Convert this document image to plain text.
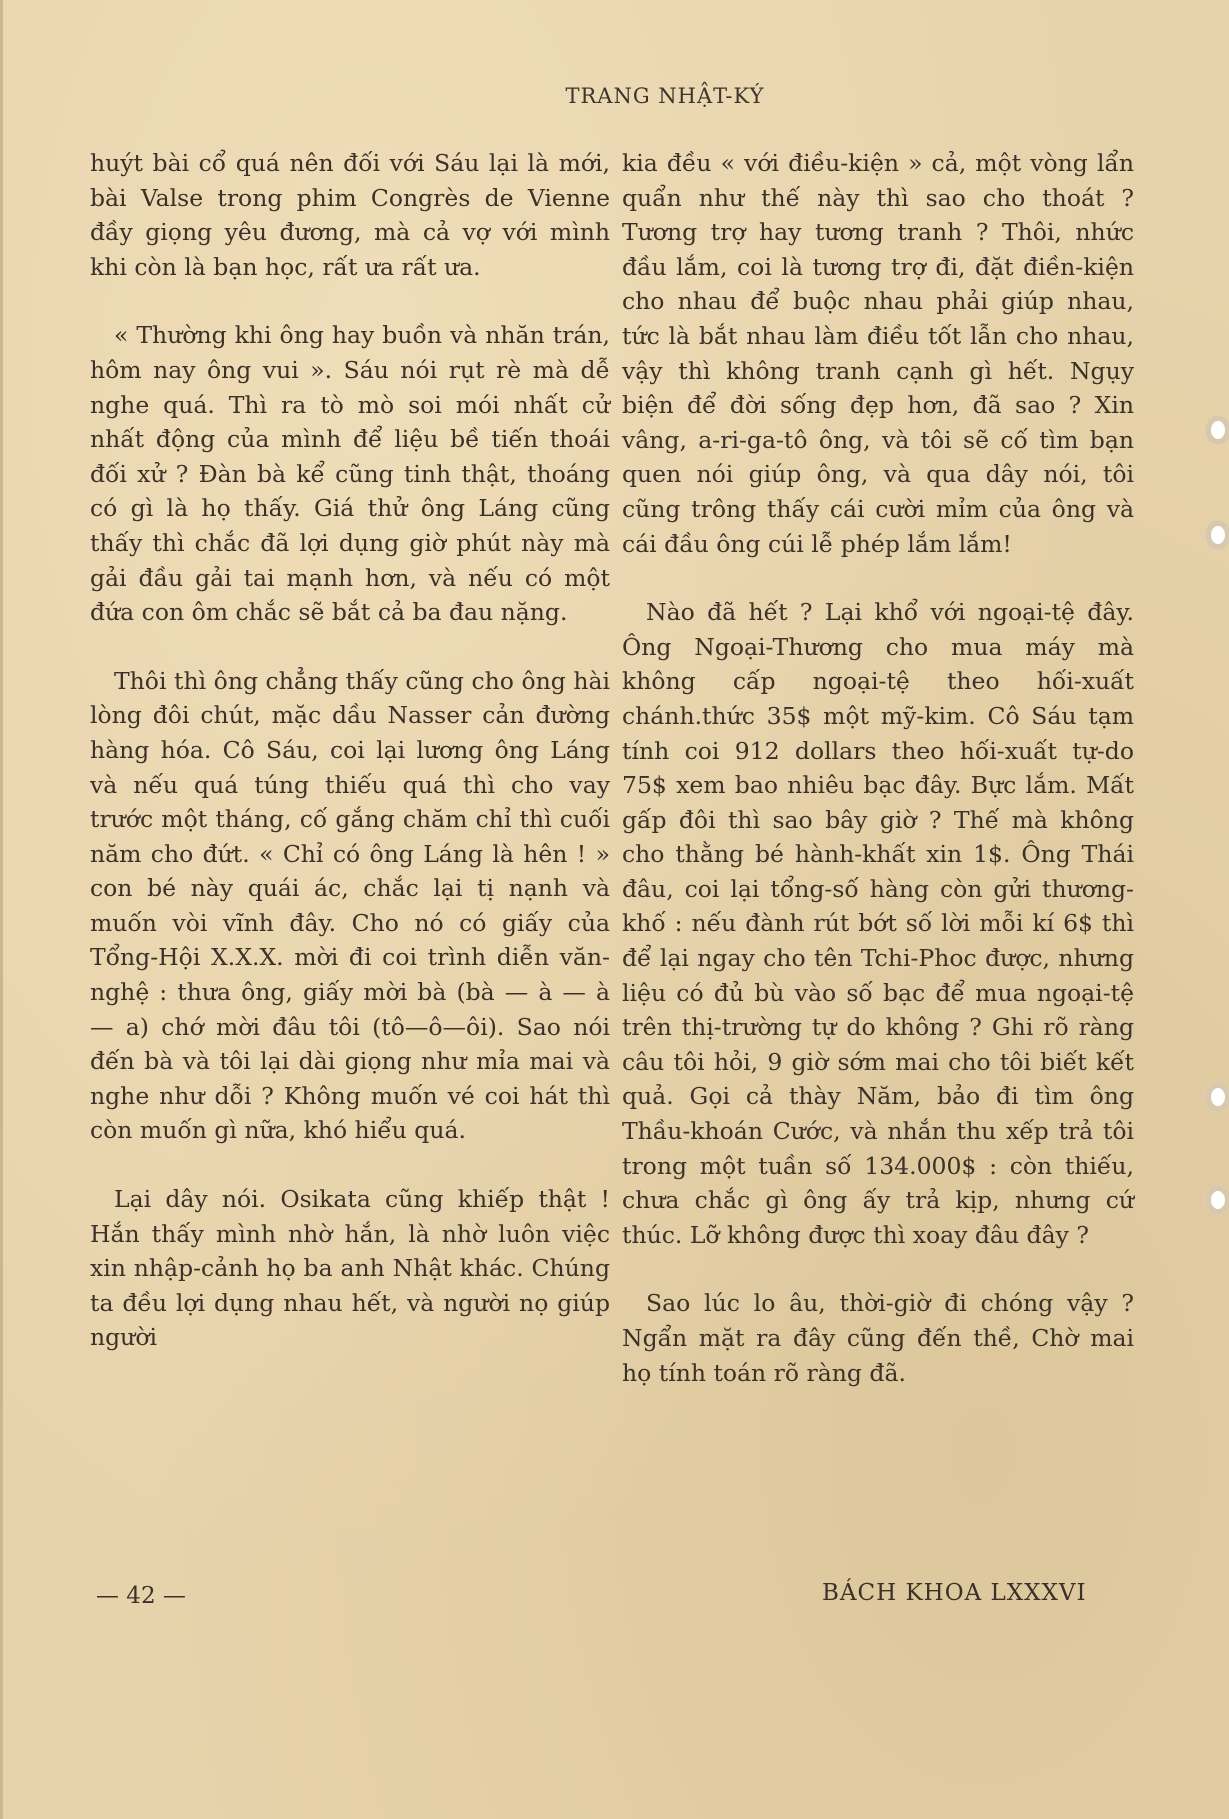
TRANG NHẬT-KÝ

huýt bài cổ quá nên đối với Sáu lại là mới, bài Valse trong phim Congrès de Vienne đầy giọng yêu đương, mà cả vợ với mình khi còn là bạn học, rất ưa rất ưa.

« Thường khi ông hay buồn và nhăn trán, hôm nay ông vui ». Sáu nói rụt rè mà dễ nghe quá. Thì ra tò mò soi mói nhất cử nhất động của mình để liệu bề tiến thoái đối xử ? Đàn bà kể cũng tinh thật, thoáng có gì là họ thấy. Giá thử ông Láng cũng thấy thì chắc đã lợi dụng giờ phút này mà gải đầu gải tai mạnh hơn, và nếu có một đứa con ôm chắc sẽ bắt cả ba đau nặng.

Thôi thì ông chẳng thấy cũng cho ông hài lòng đôi chút, mặc dầu Nasser cản đường hàng hóa. Cô Sáu, coi lại lương ông Láng và nếu quá túng thiếu quá thì cho vay trước một tháng, cố gắng chăm chỉ thì cuối năm cho đứt. « Chỉ có ông Láng là hên ! » con bé này quái ác, chắc lại tị nạnh và muốn vòi vĩnh đây. Cho nó có giấy của Tổng-Hội X.X.X. mời đi coi trình diễn văn-nghệ : thưa ông, giấy mời bà (bà — à — à — a) chớ mời đâu tôi (tô—ô—ôi). Sao nói đến bà và tôi lại dài giọng như mỉa mai và nghe như dỗi ? Không muốn vé coi hát thì còn muốn gì nữa, khó hiểu quá.

Lại dây nói. Osikata cũng khiếp thật ! Hắn thấy mình nhờ hắn, là nhờ luôn việc xin nhập-cảnh họ ba anh Nhật khác. Chúng ta đều lợi dụng nhau hết, và người nọ giúp người

kia đều « với điều-kiện » cả, một vòng lẩn quẩn như thế này thì sao cho thoát ? Tương trợ hay tương tranh ? Thôi, nhức đầu lắm, coi là tương trợ đi, đặt điền-kiện cho nhau để buộc nhau phải giúp nhau, tức là bắt nhau làm điều tốt lẫn cho nhau, vậy thì không tranh cạnh gì hết. Ngụy biện để đời sống đẹp hơn, đã sao ? Xin vâng, a-ri-ga-tô ông, và tôi sẽ cố tìm bạn quen nói giúp ông, và qua dây nói, tôi cũng trông thấy cái cười mỉm của ông và cái đầu ông cúi lễ phép lắm lắm!

Nào đã hết ? Lại khổ với ngoại-tệ đây. Ông Ngoại-Thương cho mua máy mà không cấp ngoại-tệ theo hối-xuất chánh.thức 35$ một mỹ-kim. Cô Sáu tạm tính coi 912 dollars theo hối-xuất tự-do 75$ xem bao nhiêu bạc đây. Bực lắm. Mất gấp đôi thì sao bây giờ ? Thế mà không cho thằng bé hành-khất xin 1$. Ông Thái đâu, coi lại tổng-số hàng còn gửi thương-khố : nếu đành rút bớt số lời mỗi kí 6$ thì để lại ngay cho tên Tchi-Phoc được, nhưng liệu có đủ bù vào số bạc để mua ngoại-tệ trên thị-trường tự do không ? Ghi rõ ràng câu tôi hỏi, 9 giờ sớm mai cho tôi biết kết quả. Gọi cả thày Năm, bảo đi tìm ông Thầu-khoán Cước, và nhắn thu xếp trả tôi trong một tuần số 134.000$ : còn thiếu, chưa chắc gì ông ấy trả kịp, nhưng cứ thúc. Lỡ không được thì xoay đâu đây ?

Sao lúc lo âu, thời-giờ đi chóng vậy ? Ngẩn mặt ra đây cũng đến thề, Chờ mai họ tính toán rõ ràng đã.

— 42 —	BÁCH KHOA LXXXVI
